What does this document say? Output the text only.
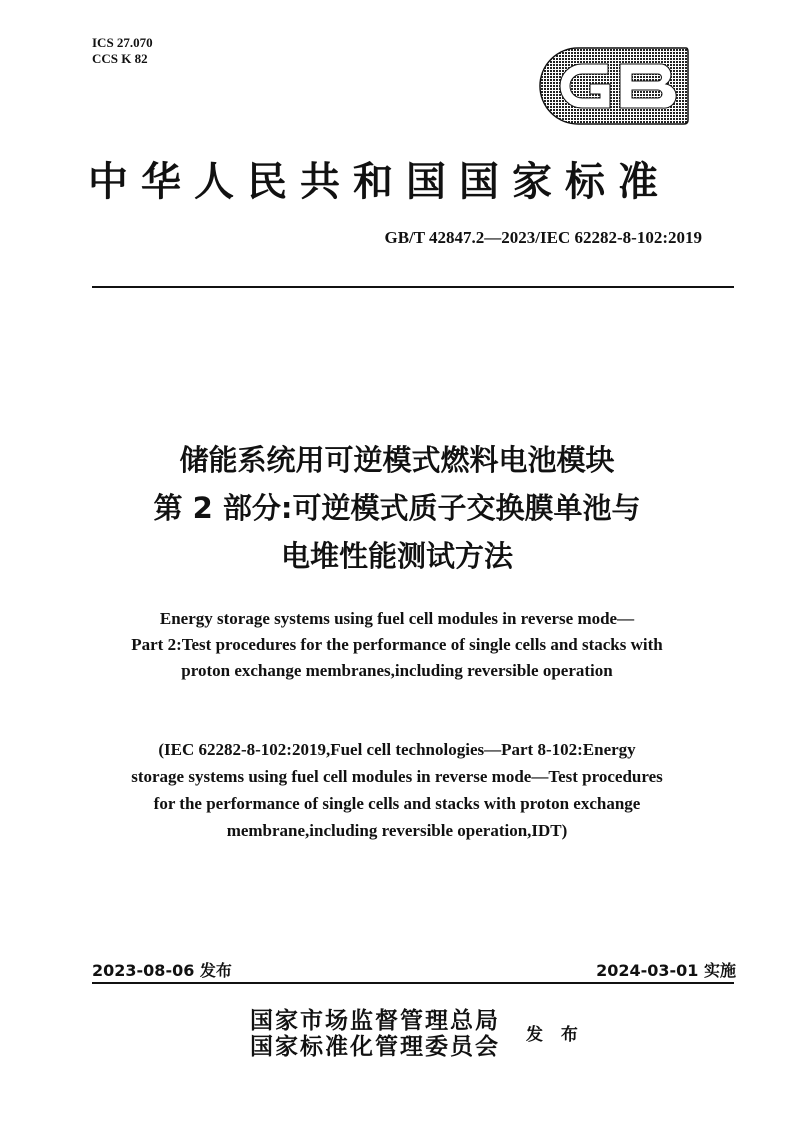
ICS 27.070
CCS K 82
中华人民共和国国家标准
GB/T 42847.2—2023/IEC 62282-8-102:2019
储能系统用可逆模式燃料电池模块
第 2 部分:可逆模式质子交换膜单池与
电堆性能测试方法
Energy storage systems using fuel cell modules in reverse mode—
Part 2:Test procedures for the performance of single cells and stacks with
proton exchange membranes,including reversible operation
(IEC 62282-8-102:2019,Fuel cell technologies—Part 8-102:Energy
storage systems using fuel cell modules in reverse mode—Test procedures
for the performance of single cells and stacks with proton exchange
membrane,including reversible operation,IDT)
2023-08-06 发布	2024-03-01 实施
国家市场监督管理总局
国家标准化管理委员会 发 布
